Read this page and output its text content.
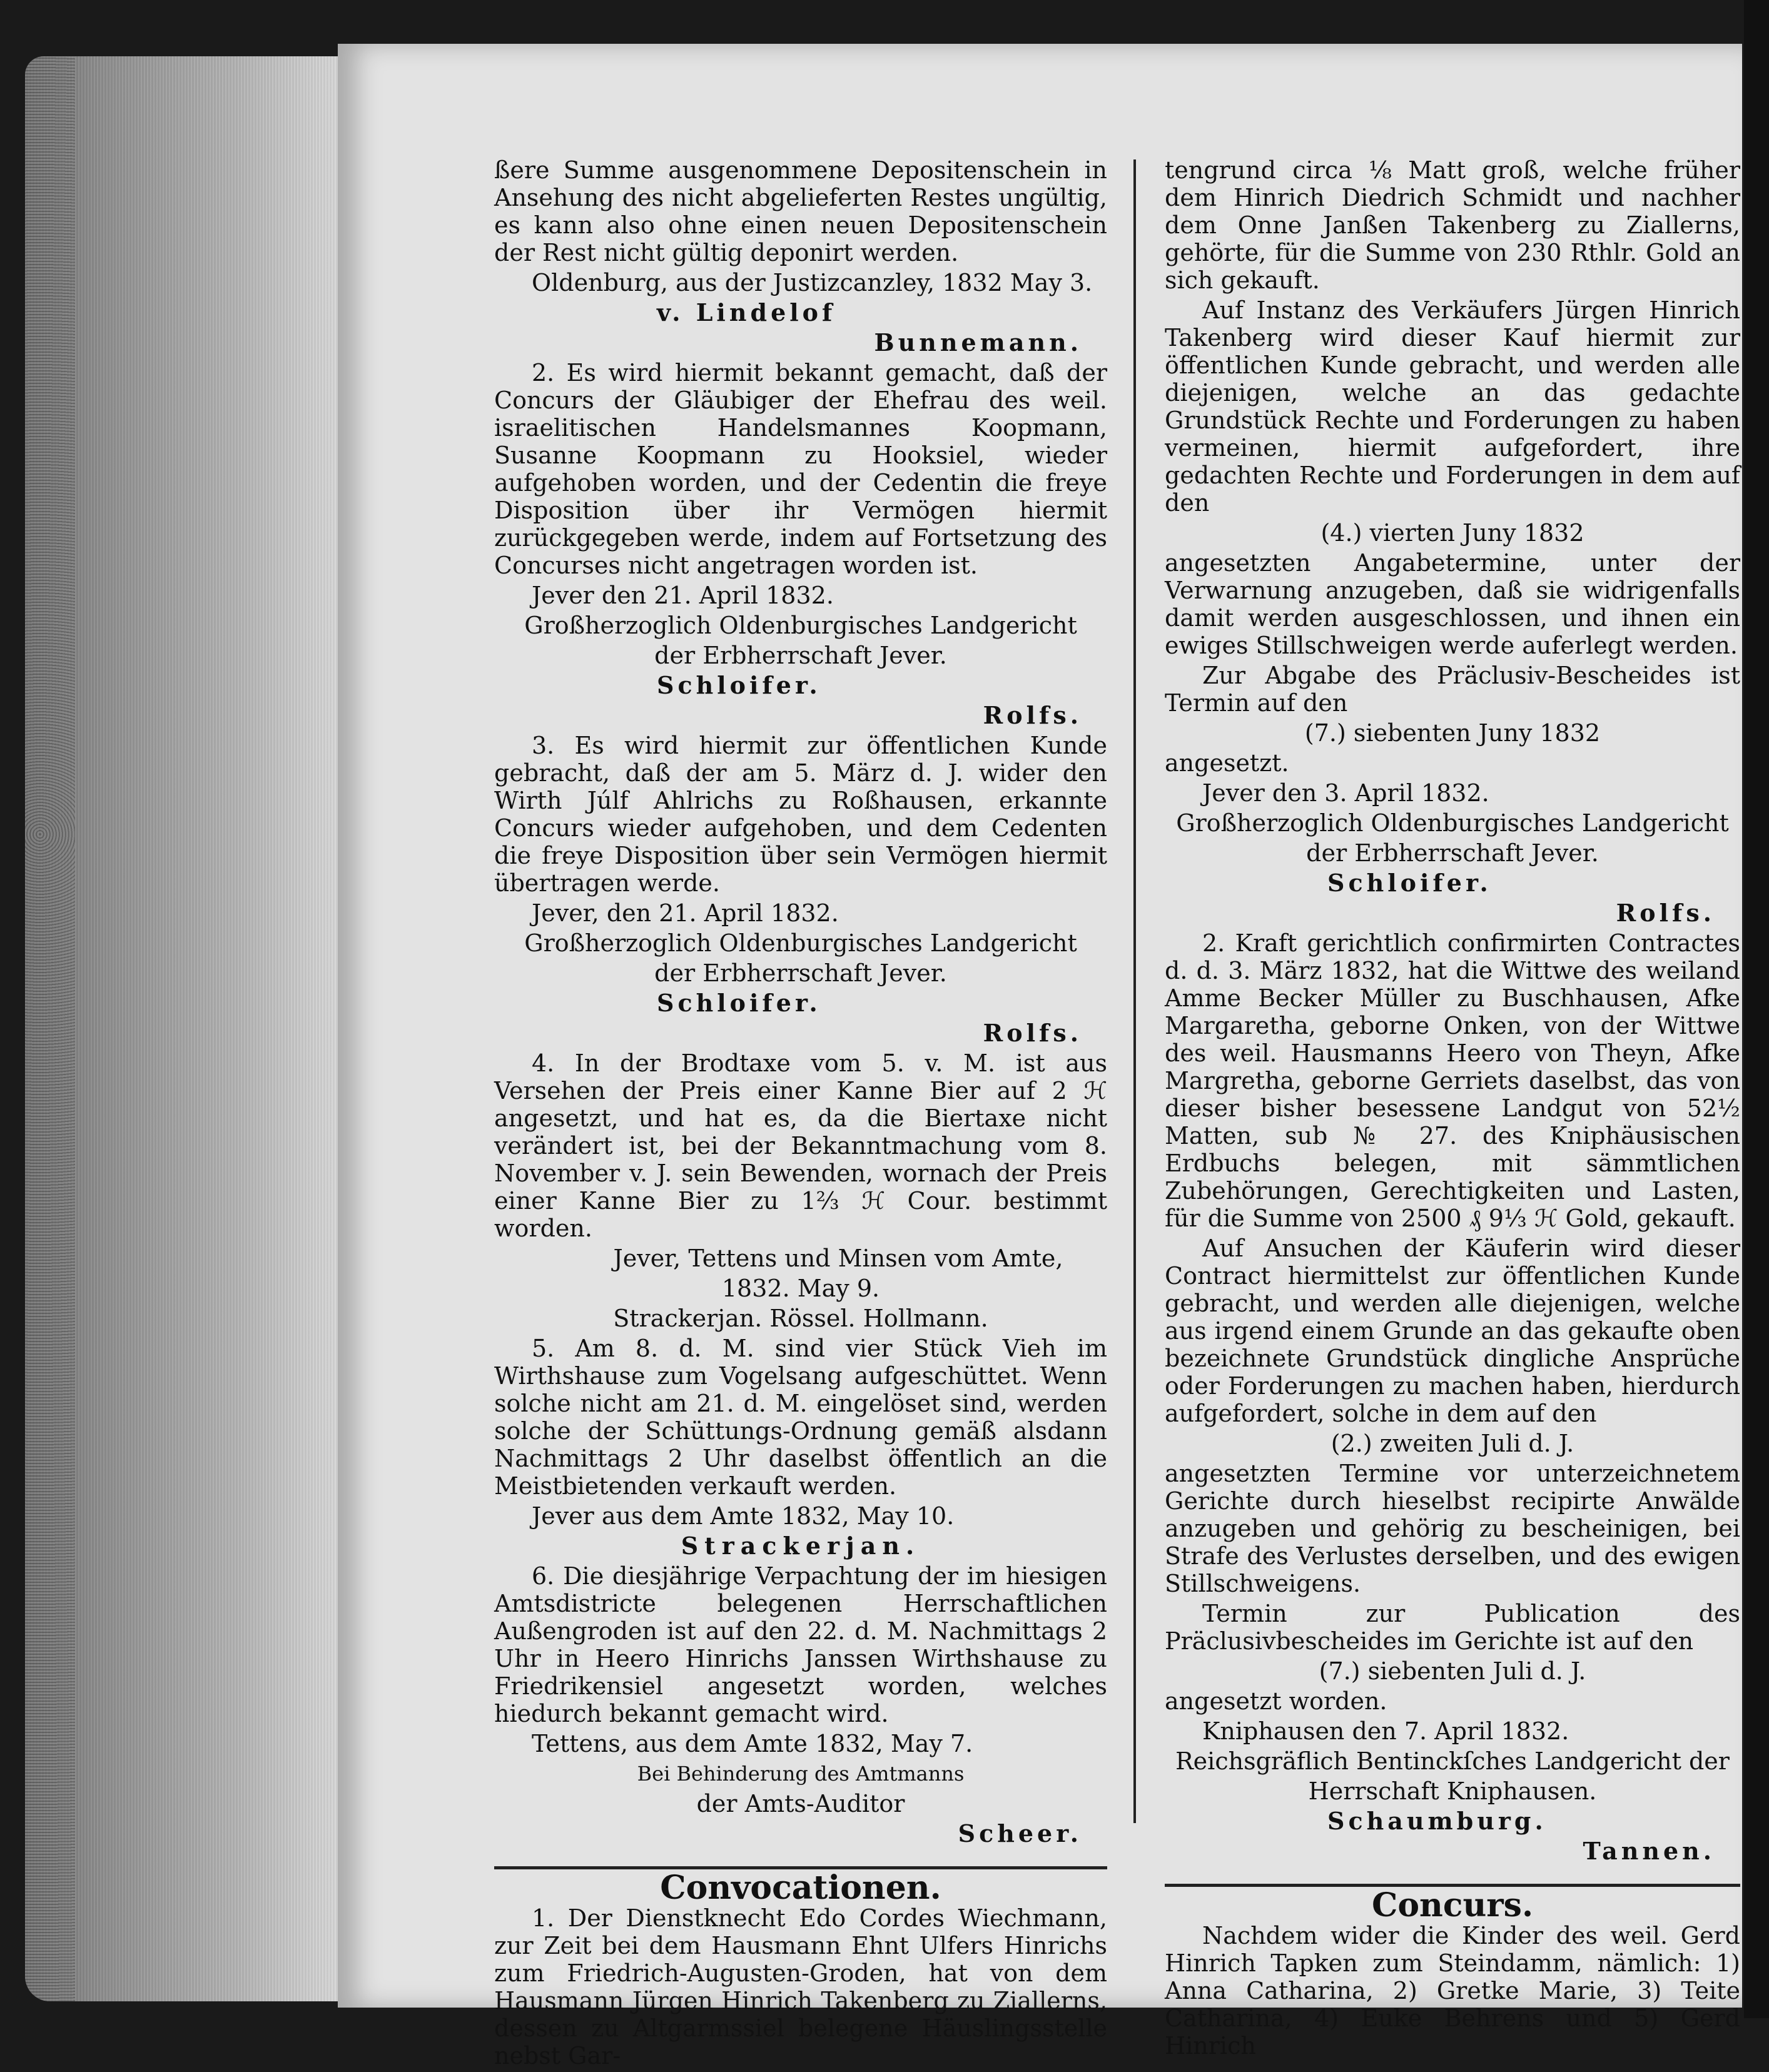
ßere Summe ausgenommene Depositenschein in Ansehung des nicht abgelieferten Restes ungültig, es kann also ohne einen neuen Depositenschein der Rest nicht gültig deponirt werden.

Oldenburg, aus der Justizcanzley, 1832 May 3.

v. Lindelof

Bunnemann.

2. Es wird hiermit bekannt gemacht, daß der Concurs der Gläubiger der Ehefrau des weil. israelitischen Handelsmannes Koopmann, Susanne Koopmann zu Hooksiel, wieder aufgehoben worden, und der Cedentin die freye Disposition über ihr Vermögen hiermit zurückgegeben werde, indem auf Fortsetzung des Concurses nicht angetragen worden ist.

Jever den 21. April 1832.

Großherzoglich Oldenburgisches Landgericht

der Erbherrschaft Jever.

Schloifer.

Rolfs.

3. Es wird hiermit zur öffentlichen Kunde gebracht, daß der am 5. März d. J. wider den Wirth Júlf Ahlrichs zu Roßhausen, erkannte Concurs wieder aufgehoben, und dem Cedenten die freye Disposition über sein Vermögen hiermit übertragen werde.

Jever, den 21. April 1832.

Großherzoglich Oldenburgisches Landgericht

der Erbherrschaft Jever.

Schloifer.

Rolfs.

4. In der Brodtaxe vom 5. v. M. ist aus Versehen der Preis einer Kanne Bier auf 2 ℋ angesetzt, und hat es, da die Biertaxe nicht verändert ist, bei der Bekanntmachung vom 8. November v. J. sein Bewenden, wornach der Preis einer Kanne Bier zu 1⅔ ℋ Cour. bestimmt worden.

Jever, Tettens und Minsen vom Amte,

1832. May 9.

Strackerjan. Rössel. Hollmann.

5. Am 8. d. M. sind vier Stück Vieh im Wirthshause zum Vogelsang aufgeschüttet. Wenn solche nicht am 21. d. M. eingelöset sind, werden solche der Schüttungs-Ordnung gemäß alsdann Nachmittags 2 Uhr daselbst öffentlich an die Meistbietenden verkauft werden.

Jever aus dem Amte 1832, May 10.

Strackerjan.

6. Die diesjährige Verpachtung der im hiesigen Amtsdistricte belegenen Herrschaftlichen Außengroden ist auf den 22. d. M. Nachmittags 2 Uhr in Heero Hinrichs Janssen Wirthshause zu Friedrikensiel angesetzt worden, welches hiedurch bekannt gemacht wird.

Tettens, aus dem Amte 1832, May 7.

Bei Behinderung des Amtmanns

der Amts-Auditor

Scheer.

Convocationen.

1. Der Dienstknecht Edo Cordes Wiechmann, zur Zeit bei dem Hausmann Ehnt Ulfers Hinrichs zum Friedrich-Augusten-Groden, hat von dem Hausmann Jürgen Hinrich Takenberg zu Ziallerns, dessen zu Altgarmssiel belegene Häuslingsstelle nebst Gar-

tengrund circa ⅛ Matt groß, welche früher dem Hinrich Diedrich Schmidt und nachher dem Onne Janßen Takenberg zu Ziallerns, gehörte, für die Summe von 230 Rthlr. Gold an sich gekauft.

Auf Instanz des Verkäufers Jürgen Hinrich Takenberg wird dieser Kauf hiermit zur öffentlichen Kunde gebracht, und werden alle diejenigen, welche an das gedachte Grundstück Rechte und Forderungen zu haben vermeinen, hiermit aufgefordert, ihre gedachten Rechte und Forderungen in dem auf den

(4.) vierten Juny 1832

angesetzten Angabetermine, unter der Verwarnung anzugeben, daß sie widrigenfalls damit werden ausgeschlossen, und ihnen ein ewiges Stillschweigen werde auferlegt werden.

Zur Abgabe des Präclusiv-Bescheides ist Termin auf den

(7.) siebenten Juny 1832

angesetzt.

Jever den 3. April 1832.

Großherzoglich Oldenburgisches Landgericht

der Erbherrschaft Jever.

Schloifer.

Rolfs.

2. Kraft gerichtlich confirmirten Contractes d. d. 3. März 1832, hat die Wittwe des weiland Amme Becker Müller zu Buschhausen, Afke Margaretha, geborne Onken, von der Wittwe des weil. Hausmanns Heero von Theyn, Afke Margretha, geborne Gerriets daselbst, das von dieser bisher besessene Landgut von 52½ Matten, sub № 27. des Kniphäusischen Erdbuchs belegen, mit sämmtlichen Zubehörungen, Gerechtigkeiten und Lasten, für die Summe von 2500 ₰ 9⅓ ℋ Gold, gekauft.

Auf Ansuchen der Käuferin wird dieser Contract hiermittelst zur öffentlichen Kunde gebracht, und werden alle diejenigen, welche aus irgend einem Grunde an das gekaufte oben bezeichnete Grundstück dingliche Ansprüche oder Forderungen zu machen haben, hierdurch aufgefordert, solche in dem auf den

(2.) zweiten Juli d. J.

angesetzten Termine vor unterzeichnetem Gerichte durch hieselbst recipirte Anwälde anzugeben und gehörig zu bescheinigen, bei Strafe des Verlustes derselben, und des ewigen Stillschweigens.

Termin zur Publication des Präclusivbescheides im Gerichte ist auf den

(7.) siebenten Juli d. J.

angesetzt worden.

Kniphausen den 7. April 1832.

Reichsgräflich Bentinckſches Landgericht der

Herrschaft Kniphausen.

Schaumburg.

Tannen.

Concurs.

Nachdem wider die Kinder des weil. Gerd Hinrich Tapken zum Steindamm, nämlich: 1) Anna Catharina, 2) Gretke Marie, 3) Teite Catharina, 4) Euke Behrens und 5) Gerd Hinrich
